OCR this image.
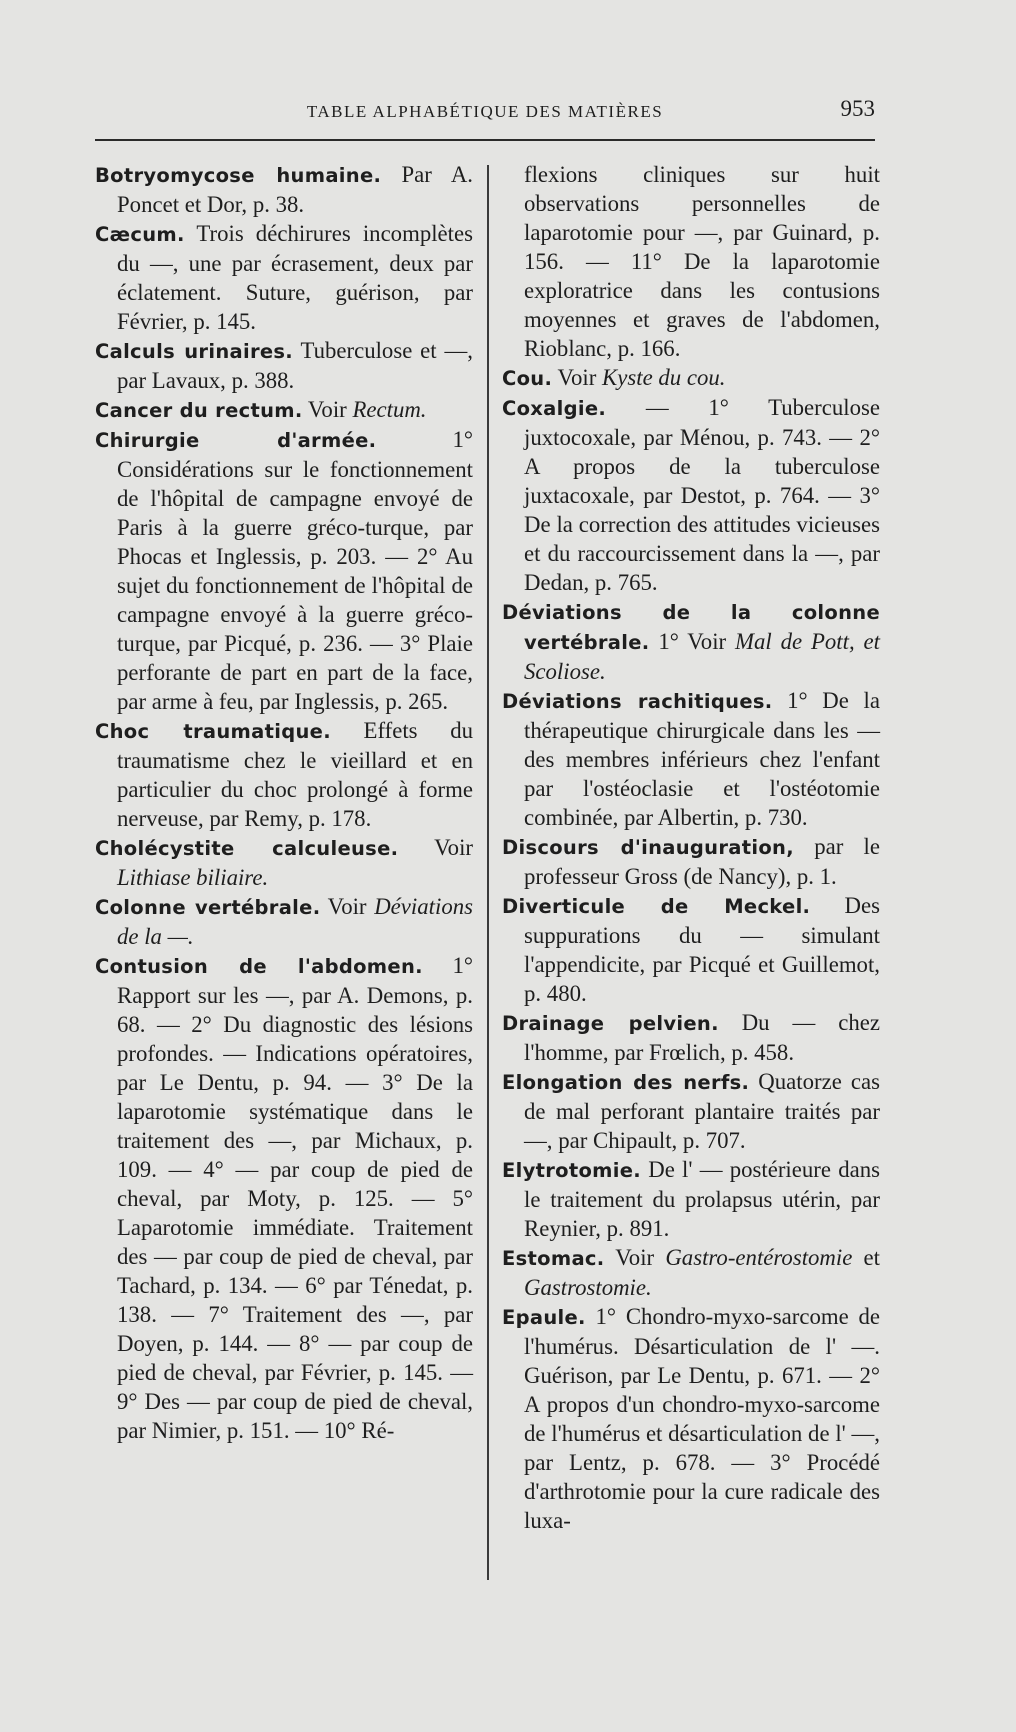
TABLE ALPHABÉTIQUE DES MATIÈRES	953

Botryomycose humaine. Par A. Poncet et Dor, p. 38.

Cæcum. Trois déchirures incomplètes du —, une par écrasement, deux par éclatement. Suture, guérison, par Février, p. 145.

Calculs urinaires. Tuberculose et —, par Lavaux, p. 388.

Cancer du rectum. Voir Rectum.

Chirurgie d'armée. 1° Considérations sur le fonctionnement de l'hôpital de campagne envoyé de Paris à la guerre gréco-turque, par Phocas et Inglessis, p. 203. — 2° Au sujet du fonctionnement de l'hôpital de campagne envoyé à la guerre gréco-turque, par Picqué, p. 236. — 3° Plaie perforante de part en part de la face, par arme à feu, par Inglessis, p. 265.

Choc traumatique. Effets du traumatisme chez le vieillard et en particulier du choc prolongé à forme nerveuse, par Remy, p. 178.

Cholécystite calculeuse. Voir Lithiase biliaire.

Colonne vertébrale. Voir Déviations de la —.

Contusion de l'abdomen. 1° Rapport sur les —, par A. Demons, p. 68. — 2° Du diagnostic des lésions profondes. — Indications opératoires, par Le Dentu, p. 94. — 3° De la laparotomie systématique dans le traitement des —, par Michaux, p. 109. — 4° — par coup de pied de cheval, par Moty, p. 125. — 5° Laparotomie immédiate. Traitement des — par coup de pied de cheval, par Tachard, p. 134. — 6° par Ténedat, p. 138. — 7° Traitement des —, par Doyen, p. 144. — 8° — par coup de pied de cheval, par Février, p. 145. — 9° Des — par coup de pied de cheval, par Nimier, p. 151. — 10° Ré-

flexions cliniques sur huit observations personnelles de laparotomie pour —, par Guinard, p. 156. — 11° De la laparotomie exploratrice dans les contusions moyennes et graves de l'abdomen, Rioblanc, p. 166.

Cou. Voir Kyste du cou.

Coxalgie. — 1° Tuberculose juxtocoxale, par Ménou, p. 743. — 2° A propos de la tuberculose juxtacoxale, par Destot, p. 764. — 3° De la correction des attitudes vicieuses et du raccourcissement dans la —, par Dedan, p. 765.

Déviations de la colonne vertébrale. 1° Voir Mal de Pott, et Scoliose.

Déviations rachitiques. 1° De la thérapeutique chirurgicale dans les — des membres inférieurs chez l'enfant par l'ostéoclasie et l'ostéotomie combinée, par Albertin, p. 730.

Discours d'inauguration, par le professeur Gross (de Nancy), p. 1.

Diverticule de Meckel. Des suppurations du — simulant l'appendicite, par Picqué et Guillemot, p. 480.

Drainage pelvien. Du — chez l'homme, par Frœlich, p. 458.

Elongation des nerfs. Quatorze cas de mal perforant plantaire traités par —, par Chipault, p. 707.

Elytrotomie. De l' — postérieure dans le traitement du prolapsus utérin, par Reynier, p. 891.

Estomac. Voir Gastro-entérostomie et Gastrostomie.

Epaule. 1° Chondro-myxo-sarcome de l'humérus. Désarticulation de l' —. Guérison, par Le Dentu, p. 671. — 2° A propos d'un chondro-myxo-sarcome de l'humérus et désarticulation de l' —, par Lentz, p. 678. — 3° Procédé d'arthrotomie pour la cure radicale des luxa-
